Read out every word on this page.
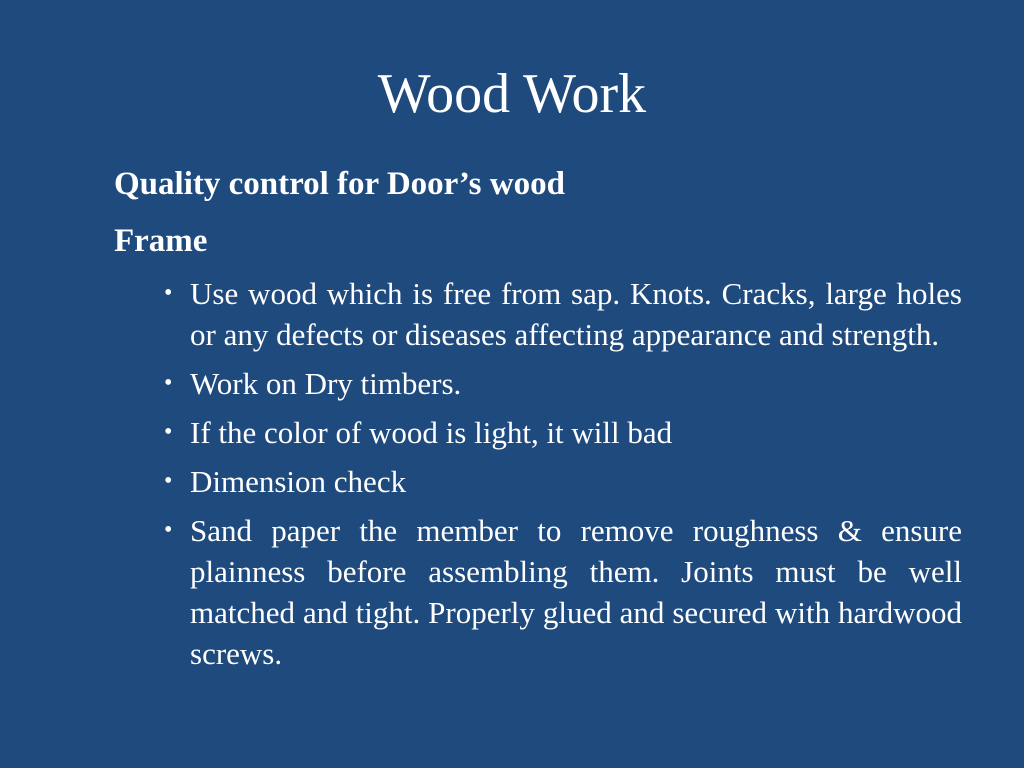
Wood Work
Quality control for Door’s wood
Frame
• Use wood which is free from sap. Knots. Cracks, large holes or any defects or diseases affecting appearance and strength.
• Work on Dry timbers.
• If the color of wood is light, it will bad
• Dimension check
• Sand paper the member to remove roughness & ensure plainness before assembling them. Joints must be well matched and tight. Properly glued and secured with hardwood screws.
